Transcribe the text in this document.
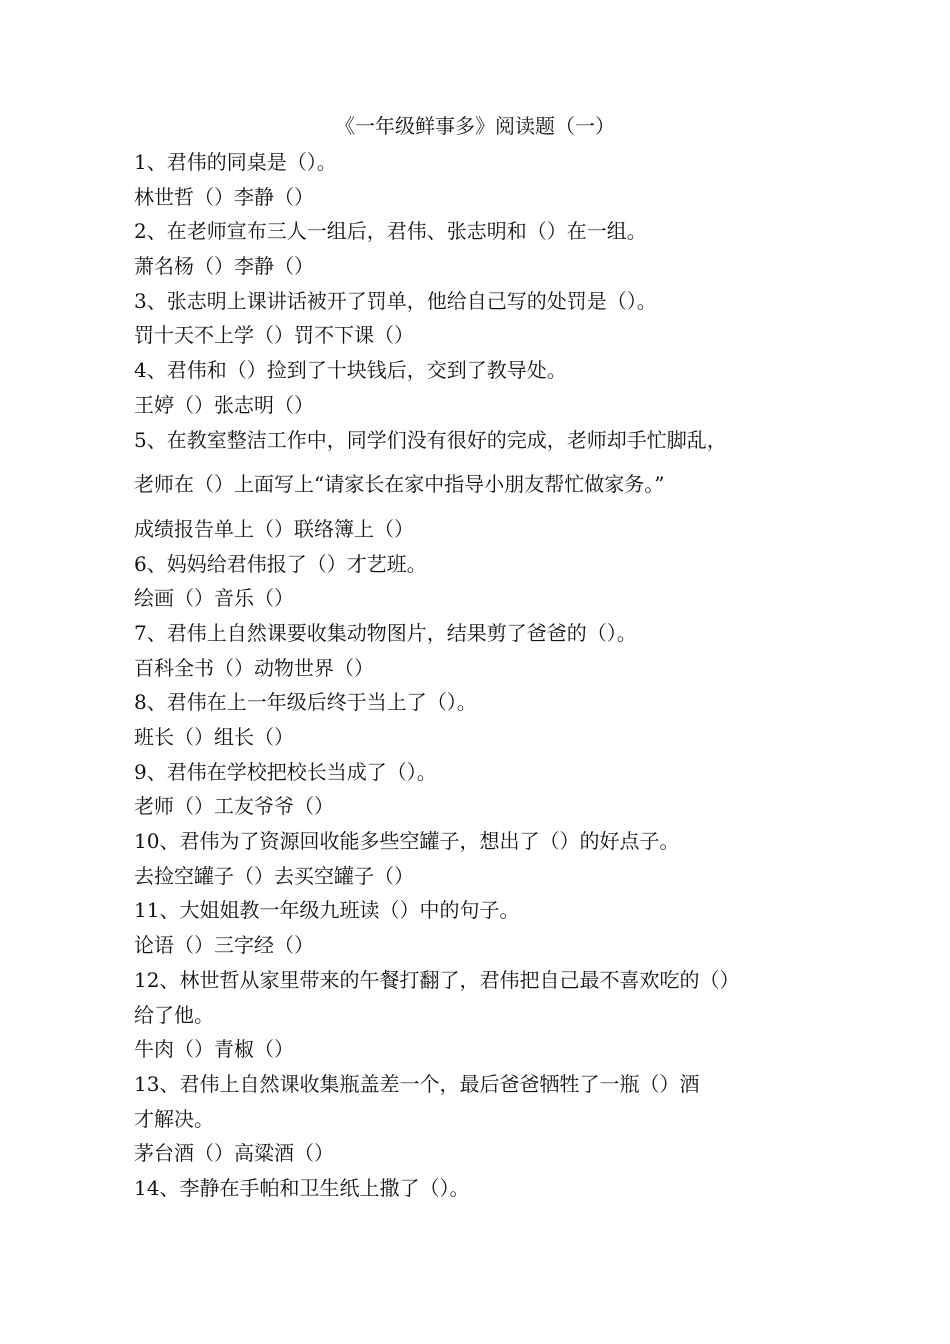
《一年级鲜事多》阅读题（一）
1、君伟的同桌是（）。
林世哲（）李静（）
2、在老师宣布三人一组后，君伟、张志明和（）在一组。
萧名杨（）李静（）
3、张志明上课讲话被开了罚单，他给自己写的处罚是（）。
罚十天不上学（）罚不下课（）
4、君伟和（）捡到了十块钱后，交到了教导处。
王婷（）张志明（）
5、在教室整洁工作中，同学们没有很好的完成，老师却手忙脚乱，
老师在（）上面写上“请家长在家中指导小朋友帮忙做家务。”
成绩报告单上（）联络簿上（）
6、妈妈给君伟报了（）才艺班。
绘画（）音乐（）
7、君伟上自然课要收集动物图片，结果剪了爸爸的（）。
百科全书（）动物世界（）
8、君伟在上一年级后终于当上了（）。
班长（）组长（）
9、君伟在学校把校长当成了（）。
老师（）工友爷爷（）
10、君伟为了资源回收能多些空罐子，想出了（）的好点子。
去捡空罐子（）去买空罐子（）
11、大姐姐教一年级九班读（）中的句子。
论语（）三字经（）
12、林世哲从家里带来的午餐打翻了，君伟把自己最不喜欢吃的（）
给了他。
牛肉（）青椒（）
13、君伟上自然课收集瓶盖差一个，最后爸爸牺牲了一瓶（）酒
才解决。
茅台酒（）高粱酒（）
14、李静在手帕和卫生纸上撒了（）。
